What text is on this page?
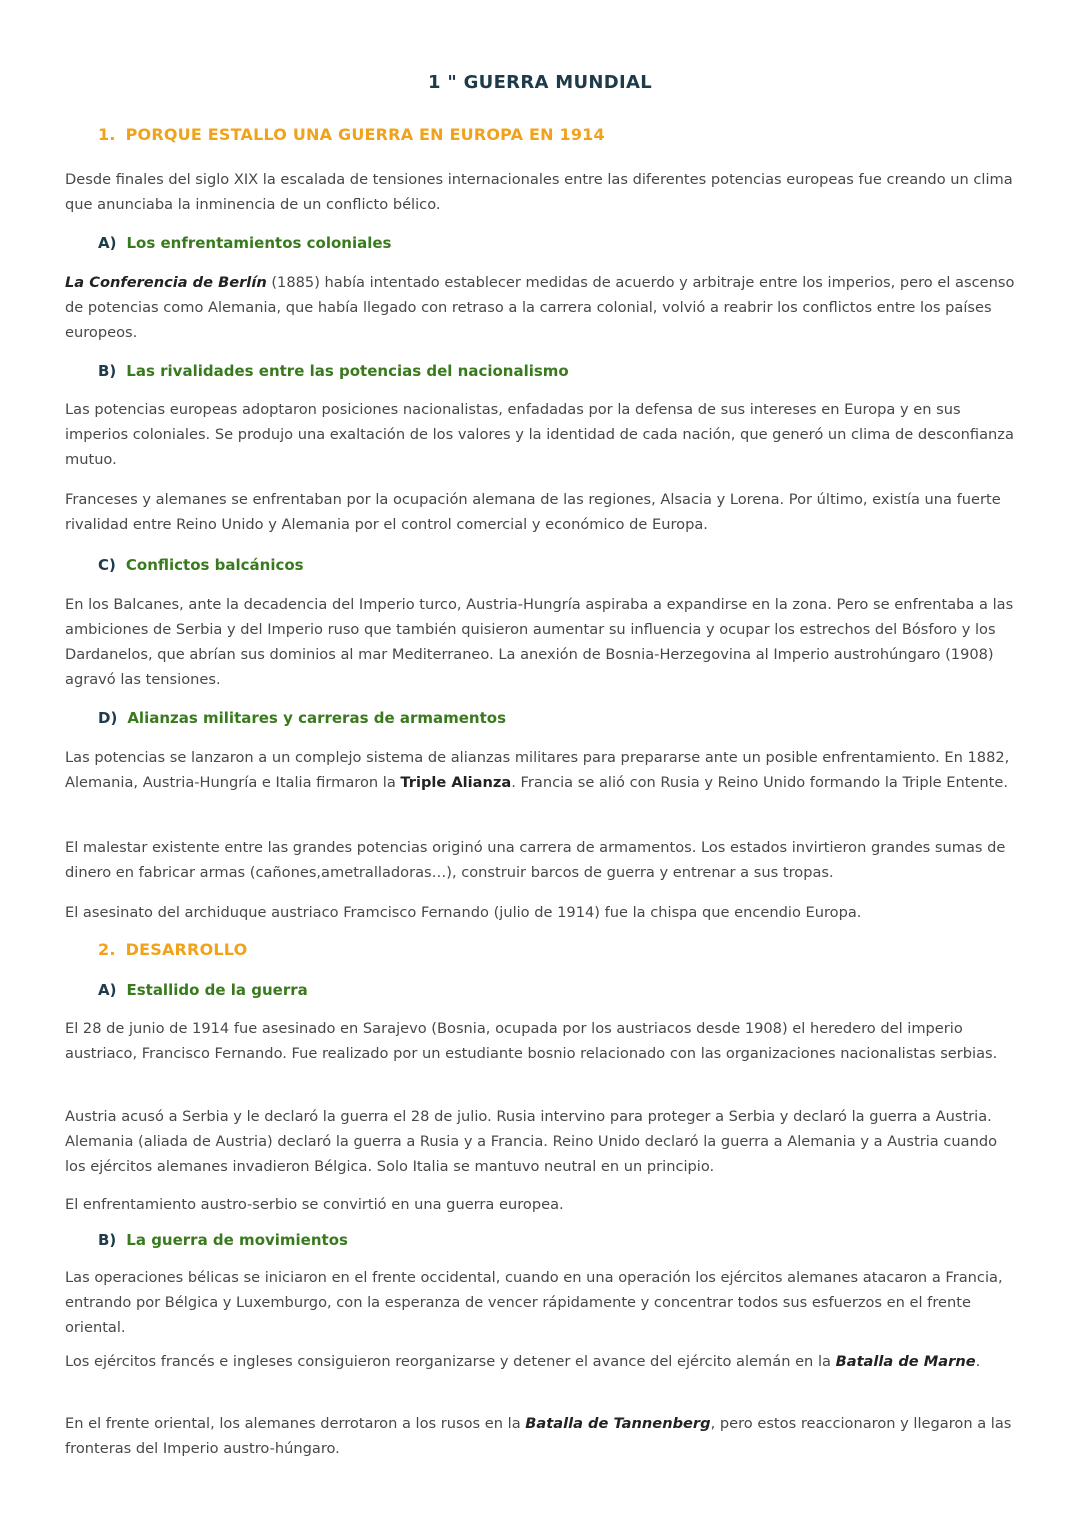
1 " GUERRA MUNDIAL
1. PORQUE ESTALLO UNA GUERRA EN EUROPA EN 1914

Desde finales del siglo XIX la escalada de tensiones internacionales entre las diferentes potencias europeas fue creando un clima que anunciaba la inminencia de un conflicto bélico.

A) Los enfrentamientos coloniales

La Conferencia de Berlín (1885) había intentado establecer medidas de acuerdo y arbitraje entre los imperios, pero el ascenso de potencias como Alemania, que había llegado con retraso a la carrera colonial, volvió a reabrir los conflictos entre los países europeos.

B) Las rivalidades entre las potencias del nacionalismo

Las potencias europeas adoptaron posiciones nacionalistas, enfadadas por la defensa de sus intereses en Europa y en sus imperios coloniales. Se produjo una exaltación de los valores y la identidad de cada nación, que generó un clima de desconfianza mutuo.

Franceses y alemanes se enfrentaban por la ocupación alemana de las regiones, Alsacia y Lorena. Por último, existía una fuerte rivalidad entre Reino Unido y Alemania por el control comercial y económico de Europa.

C) Conflictos balcánicos

En los Balcanes, ante la decadencia del Imperio turco, Austria-Hungría aspiraba a expandirse en la zona. Pero se enfrentaba a las ambiciones de Serbia y del Imperio ruso que también quisieron aumentar su influencia y ocupar los estrechos del Bósforo y los Dardanelos, que abrían sus dominios al mar Mediterraneo. La anexión de Bosnia-Herzegovina al Imperio austrohúngaro (1908) agravó las tensiones.

D) Alianzas militares y carreras de armamentos

Las potencias se lanzaron a un complejo sistema de alianzas militares para prepararse ante un posible enfrentamiento. En 1882, Alemania, Austria-Hungría e Italia firmaron la Triple Alianza. Francia se alió con Rusia y Reino Unido formando la Triple Entente.

El malestar existente entre las grandes potencias originó una carrera de armamentos. Los estados invirtieron grandes sumas de dinero en fabricar armas (cañones,ametralladoras…), construir barcos de guerra y entrenar a sus tropas.

El asesinato del archiduque austriaco Framcisco Fernando (julio de 1914) fue la chispa que encendio Europa.

2. DESARROLLO
A) Estallido de la guerra

El 28 de junio de 1914 fue asesinado en Sarajevo (Bosnia, ocupada por los austriacos desde 1908) el heredero del imperio austriaco, Francisco Fernando. Fue realizado por un estudiante bosnio relacionado con las organizaciones nacionalistas serbias.

Austria acusó a Serbia y le declaró la guerra el 28 de julio. Rusia intervino para proteger a Serbia y declaró la guerra a Austria. Alemania (aliada de Austria) declaró la guerra a Rusia y a Francia. Reino Unido declaró la guerra a Alemania y a Austria cuando los ejércitos alemanes invadieron Bélgica. Solo Italia se mantuvo neutral en un principio.

El enfrentamiento austro-serbio se convirtió en una guerra europea.

B) La guerra de movimientos

Las operaciones bélicas se iniciaron en el frente occidental, cuando en una operación los ejércitos alemanes atacaron a Francia, entrando por Bélgica y Luxemburgo, con la esperanza de vencer rápidamente y concentrar todos sus esfuerzos en el frente oriental.

Los ejércitos francés e ingleses consiguieron reorganizarse y detener el avance del ejército alemán en la Batalla de Marne.

En el frente oriental, los alemanes derrotaron a los rusos en la Batalla de Tannenberg, pero estos reaccionaron y llegaron a las fronteras del Imperio austro-húngaro.
